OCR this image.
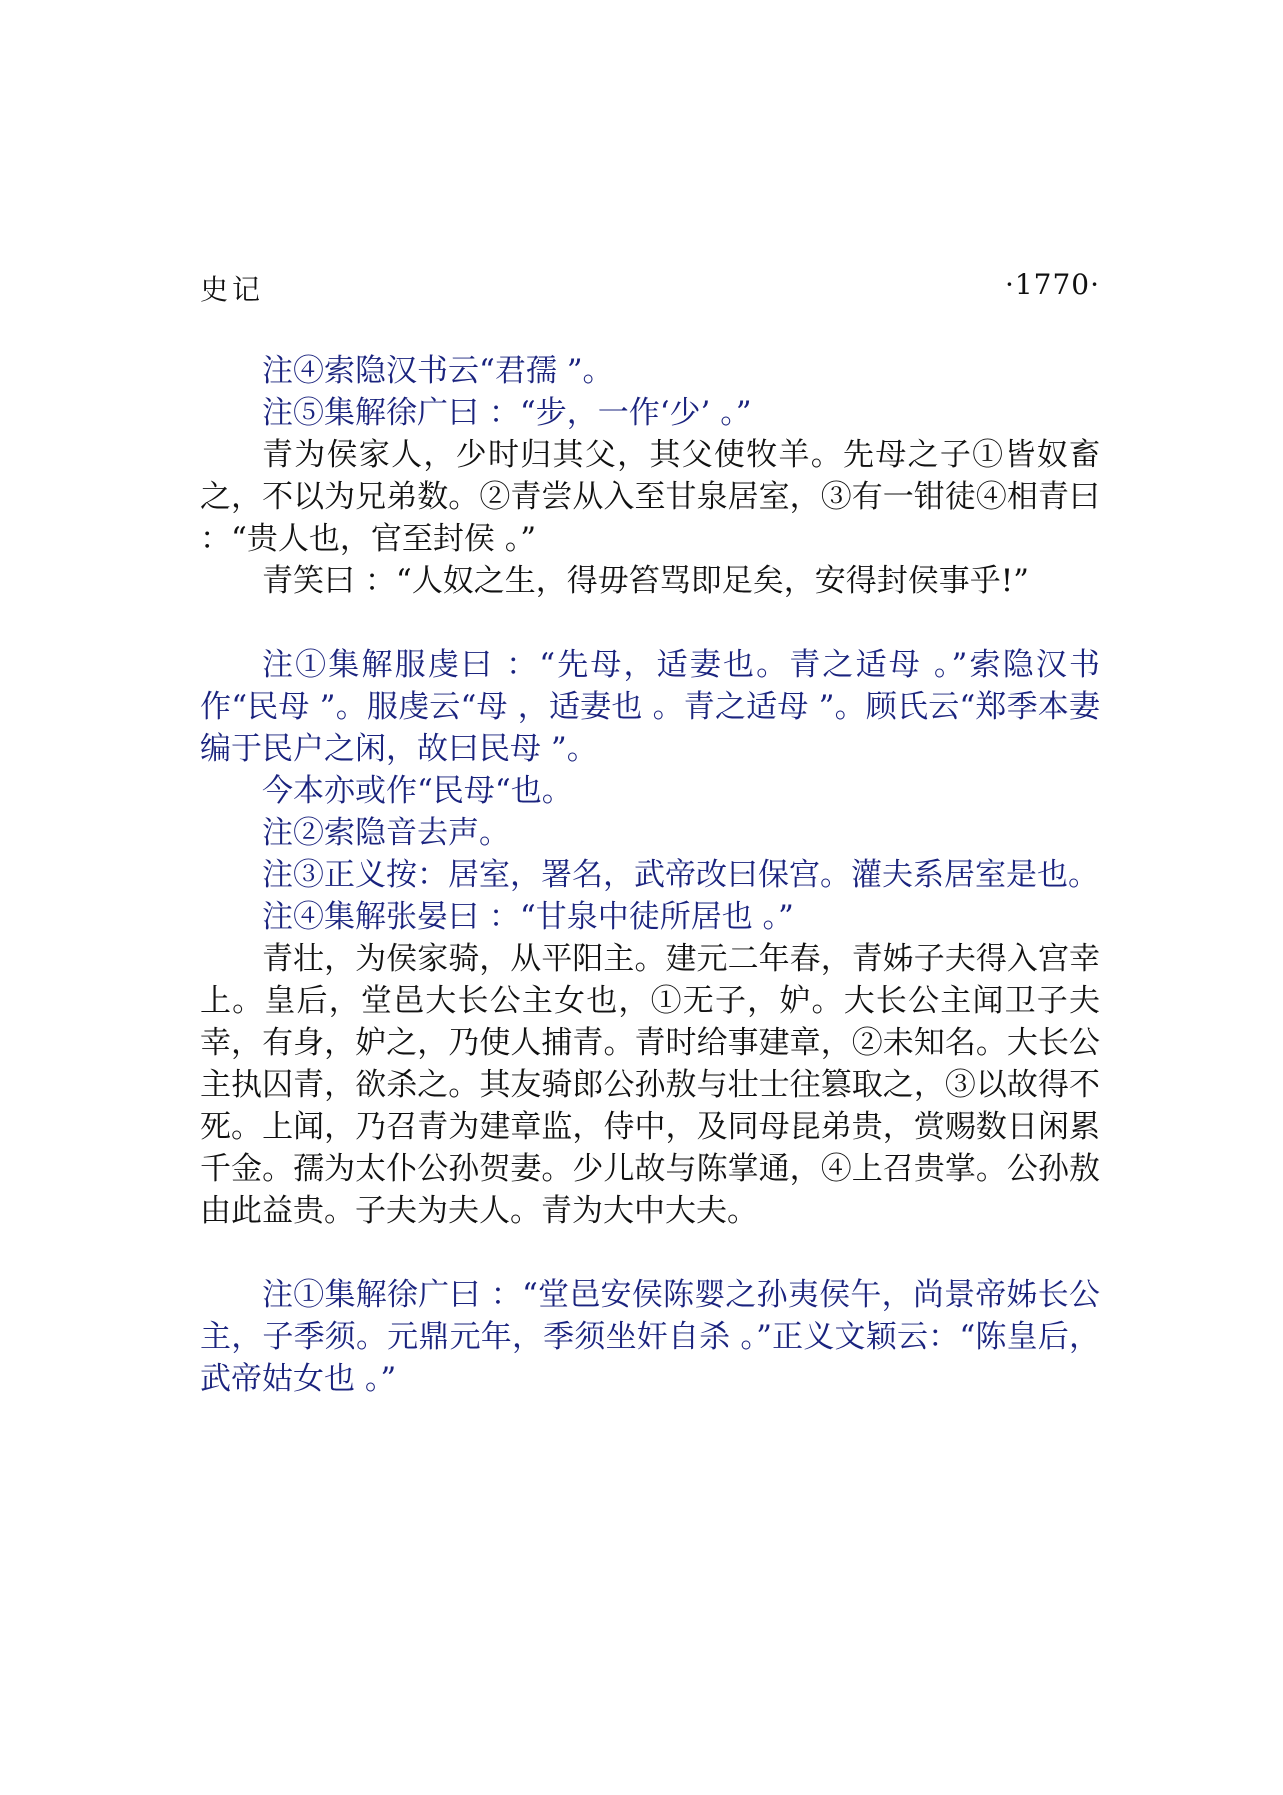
史记	·1770·

注④索隐汉书云“君孺 ”。

注⑤集解徐广曰 ：“步，一作‘少’ 。”

青为侯家人，少时归其父，其父使牧羊。先母之子①皆奴畜之，不以为兄弟数。②青尝从入至甘泉居室，③有一钳徒④相青曰 ：“贵人也，官至封侯 。”

青笑曰 ：“人奴之生，得毋笞骂即足矣，安得封侯事乎!”

注①集解服虔曰 ：“先母，适妻也。青之适母 。”索隐汉书作“民母 ”。服虔云“母 ，适妻也 。青之适母 ”。顾氏云“郑季本妻编于民户之闲，故曰民母 ”。

今本亦或作“民母“也。

注②索隐音去声。

注③正义按：居室，署名，武帝改曰保宫。灌夫系居室是也。

注④集解张晏曰 ：“甘泉中徒所居也 。”

青壮，为侯家骑，从平阳主。建元二年春，青姊子夫得入宫幸上。皇后，堂邑大长公主女也，①无子，妒。大长公主闻卫子夫幸，有身，妒之，乃使人捕青。青时给事建章，②未知名。大长公主执囚青，欲杀之。其友骑郎公孙敖与壮士往篡取之，③以故得不死。上闻，乃召青为建章监，侍中，及同母昆弟贵，赏赐数日闲累千金。孺为太仆公孙贺妻。少儿故与陈掌通，④上召贵掌。公孙敖由此益贵。子夫为夫人。青为大中大夫。

注①集解徐广曰 ：“堂邑安侯陈婴之孙夷侯午，尚景帝姊长公主，子季须。元鼎元年，季须坐奸自杀 。”正义文颖云：“陈皇后，武帝姑女也 。”
